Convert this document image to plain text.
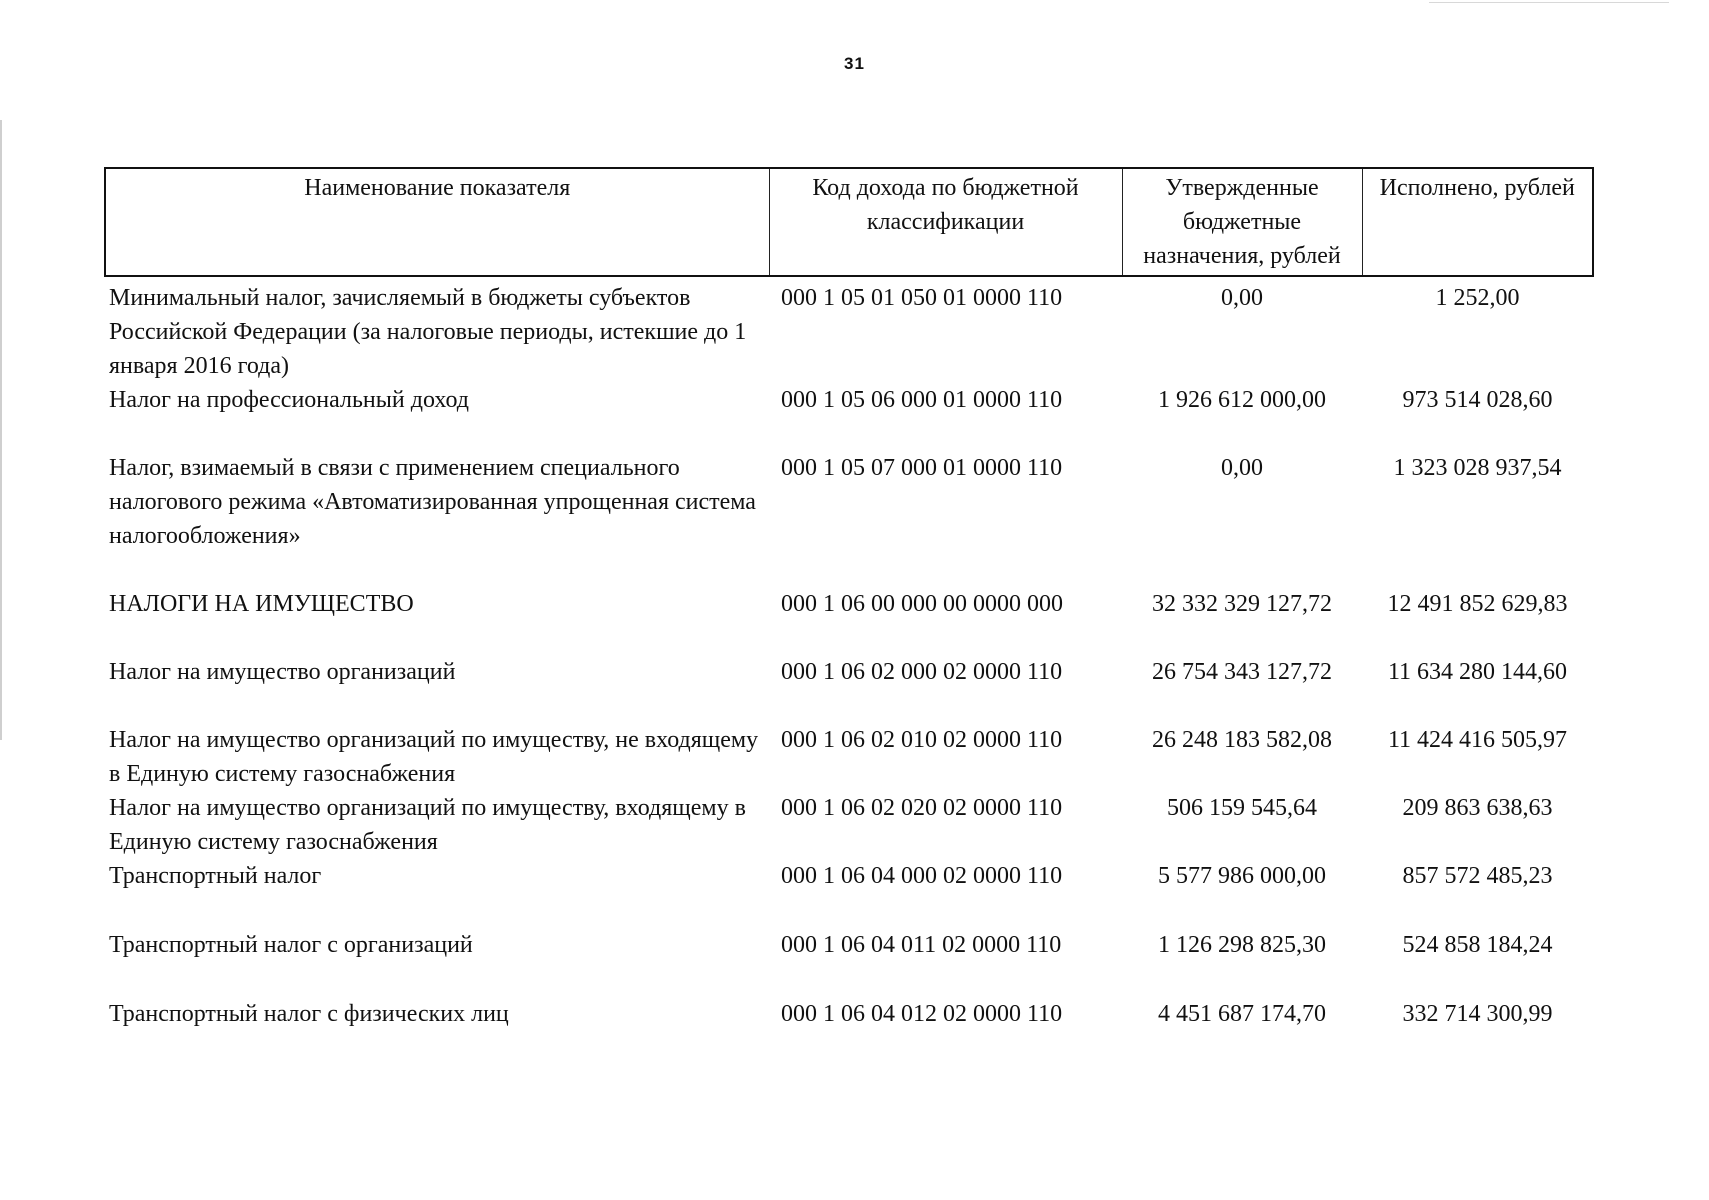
31
Наименование показателя	Код дохода по бюджетной классификации	Утвержденные бюджетные назначения, рублей	Исполнено, рублей
Минимальный налог, зачисляемый в бюджеты субъектов Российской Федерации (за налоговые периоды, истекшие до 1 января 2016 года)	000 1 05 01 050 01 0000 110	0,00	1 252,00
Налог на профессиональный доход	000 1 05 06 000 01 0000 110	1 926 612 000,00	973 514 028,60
Налог, взимаемый в связи с применением специального налогового режима «Автоматизированная упрощенная система налогообложения»	000 1 05 07 000 01 0000 110	0,00	1 323 028 937,54
НАЛОГИ НА ИМУЩЕСТВО	000 1 06 00 000 00 0000 000	32 332 329 127,72	12 491 852 629,83
Налог на имущество организаций	000 1 06 02 000 02 0000 110	26 754 343 127,72	11 634 280 144,60
Налог на имущество организаций по имуществу, не входящему в Единую систему газоснабжения	000 1 06 02 010 02 0000 110	26 248 183 582,08	11 424 416 505,97
Налог на имущество организаций по имуществу, входящему в Единую систему газоснабжения	000 1 06 02 020 02 0000 110	506 159 545,64	209 863 638,63
Транспортный налог	000 1 06 04 000 02 0000 110	5 577 986 000,00	857 572 485,23
Транспортный налог с организаций	000 1 06 04 011 02 0000 110	1 126 298 825,30	524 858 184,24
Транспортный налог с физических лиц	000 1 06 04 012 02 0000 110	4 451 687 174,70	332 714 300,99
